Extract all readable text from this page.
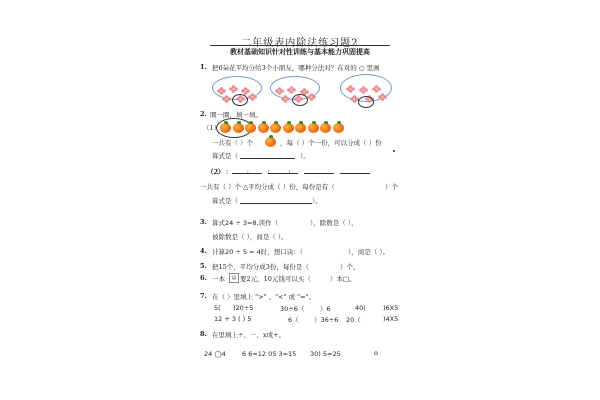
二年级表内除法练习题2
教材基础知识针对性训练与基本能力巩固提高
1. 把6朵花平均分给3个小朋友，哪种分法对？在对的 ○ 里画
2. 圈一圈，填一填。
（1）
一共有（ ）个	，每（ ）个一份，可以分成（ ）份
算式是（	）。
（2） ;         ;         ;         ;
一共有（ ）个 △平均分成（ ）份，每份是有（	）个
算式是（	）。
3. 算式24 ÷ 3=8,读作（	），除数是（ ），
被除数是（ ），商是（ ）。
4. 计算20 ÷ 5 = 4时，想口诀：（	），商是（ ）。
5. 把15个，平均分成3份，每份是（	）个。
6. 一本	▤ 要2元，10元钱可以买（	）本□。
7. 在（ ）里填上 ">" 、"<" 或 "="。
5( )20÷5	30÷6（ ）6	40(	)6X5
12 + 3 ( ) 5	6（ ）36÷6 20（	)4X5
8. 在里填上÷、－、x或+。
24 ◯4	6 6=12 05 3=15 30) 5=25	o
